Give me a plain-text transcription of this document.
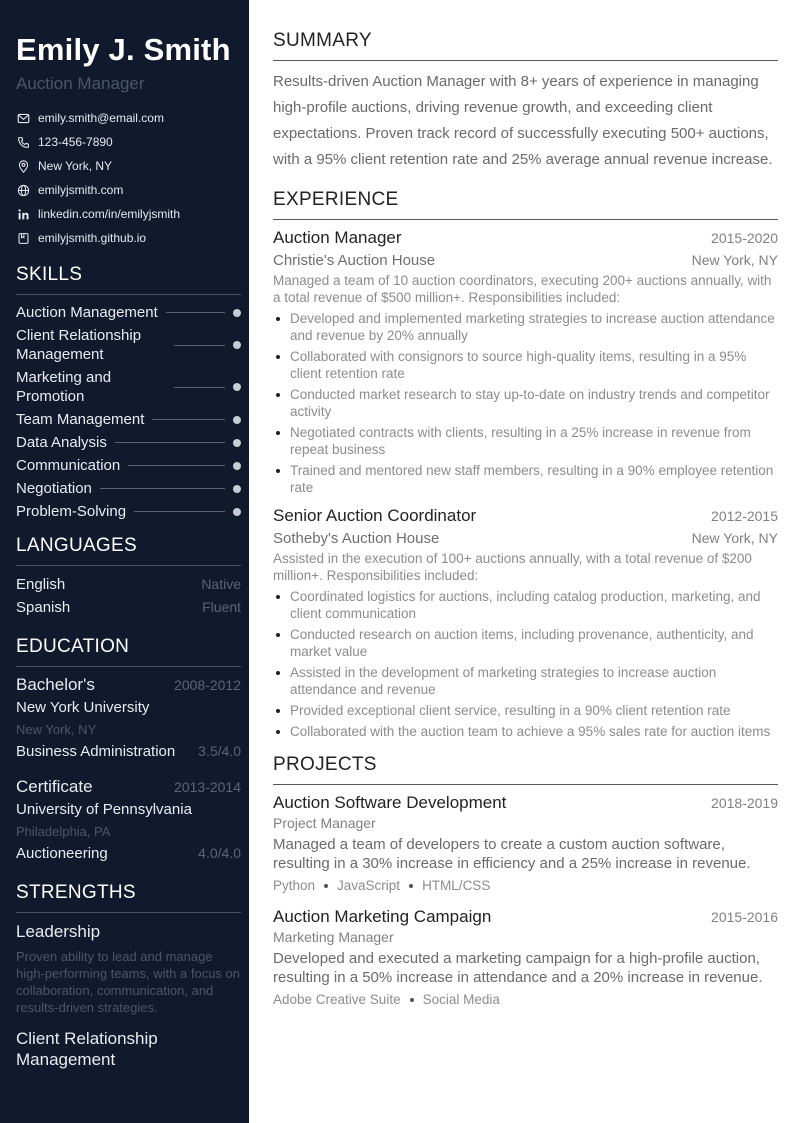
Emily J. Smith
Auction Manager
emily.smith@email.com
123-456-7890
New York, NY
emilyjsmith.com
linkedin.com/in/emilyjsmith
emilyjsmith.github.io
SKILLS
Auction Management
Client Relationship Management
Marketing and Promotion
Team Management
Data Analysis
Communication
Negotiation
Problem-Solving
LANGUAGES
English	Native
Spanish	Fluent
EDUCATION
Bachelor's	2008-2012
New York University
New York, NY
Business Administration 3.5/4.0
Certificate	2013-2014
University of Pennsylvania
Philadelphia, PA
Auctioneering	4.0/4.0
STRENGTHS
Leadership
Proven ability to lead and manage high-performing teams, with a focus on collaboration, communication, and results-driven strategies.
Client Relationship Management
SUMMARY
Results-driven Auction Manager with 8+ years of experience in managing high-profile auctions, driving revenue growth, and exceeding client expectations. Proven track record of successfully executing 500+ auctions, with a 95% client retention rate and 25% average annual revenue increase.
EXPERIENCE
Auction Manager	2015-2020
Christie's Auction House	New York, NY
Managed a team of 10 auction coordinators, executing 200+ auctions annually, with a total revenue of $500 million+. Responsibilities included:
Developed and implemented marketing strategies to increase auction attendance and revenue by 20% annually
Collaborated with consignors to source high-quality items, resulting in a 95% client retention rate
Conducted market research to stay up-to-date on industry trends and competitor activity
Negotiated contracts with clients, resulting in a 25% increase in revenue from repeat business
Trained and mentored new staff members, resulting in a 90% employee retention rate
Senior Auction Coordinator	2012-2015
Sotheby's Auction House	New York, NY
Assisted in the execution of 100+ auctions annually, with a total revenue of $200 million+. Responsibilities included:
Coordinated logistics for auctions, including catalog production, marketing, and client communication
Conducted research on auction items, including provenance, authenticity, and market value
Assisted in the development of marketing strategies to increase auction attendance and revenue
Provided exceptional client service, resulting in a 90% client retention rate
Collaborated with the auction team to achieve a 95% sales rate for auction items
PROJECTS
Auction Software Development	2018-2019
Project Manager
Managed a team of developers to create a custom auction software, resulting in a 30% increase in efficiency and a 25% increase in revenue.
Python JavaScript HTML/CSS
Auction Marketing Campaign	2015-2016
Marketing Manager
Developed and executed a marketing campaign for a high-profile auction, resulting in a 50% increase in attendance and a 20% increase in revenue.
Adobe Creative Suite Social Media
